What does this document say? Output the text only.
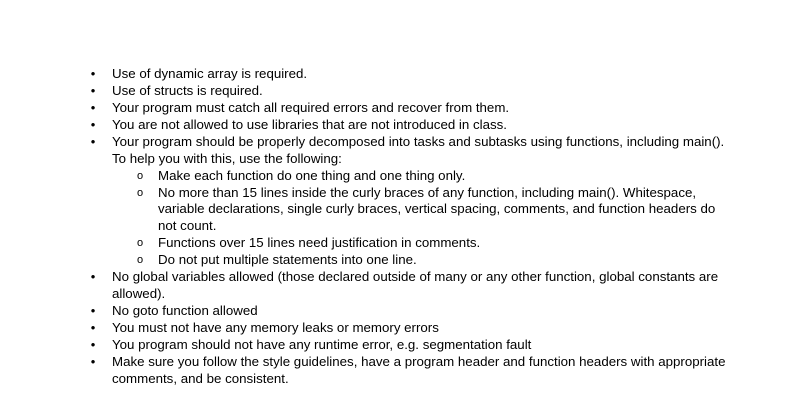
• Use of dynamic array is required.
• Use of structs is required.
• Your program must catch all required errors and recover from them.
• You are not allowed to use libraries that are not introduced in class.
• Your program should be properly decomposed into tasks and subtasks using functions, including main().
To help you with this, use the following:
o Make each function do one thing and one thing only.
o No more than 15 lines inside the curly braces of any function, including main(). Whitespace, variable declarations, single curly braces, vertical spacing, comments, and function headers do not count.
o Functions over 15 lines need justification in comments.
o Do not put multiple statements into one line.
• No global variables allowed (those declared outside of many or any other function, global constants are allowed).
• No goto function allowed
• You must not have any memory leaks or memory errors
• You program should not have any runtime error, e.g. segmentation fault
• Make sure you follow the style guidelines, have a program header and function headers with appropriate comments, and be consistent.
